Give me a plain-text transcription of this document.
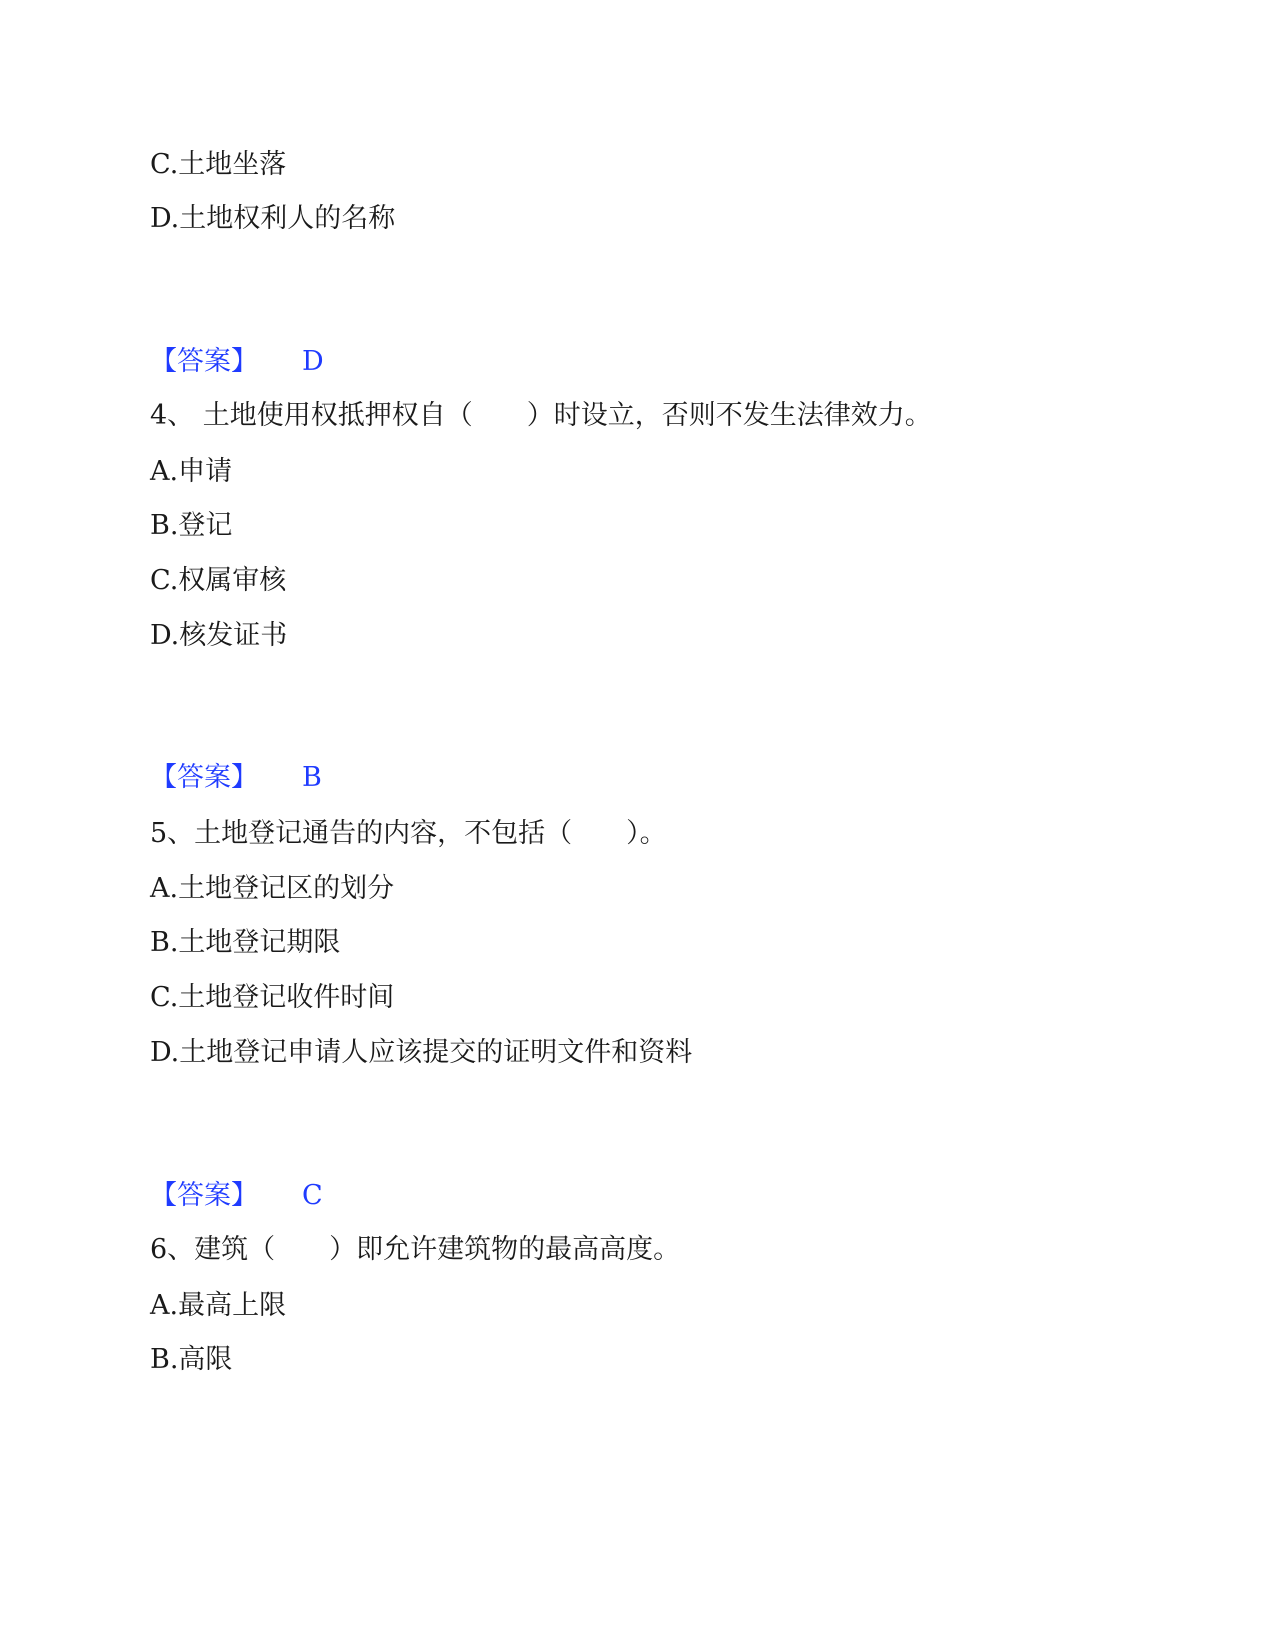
C.土地坐落
D.土地权利人的名称
【答案】 D
4、 土地使用权抵押权自（　　）时设立，否则不发生法律效力。
A.申请
B.登记
C.权属审核
D.核发证书
【答案】 B
5、土地登记通告的内容，不包括（　　）。
A.土地登记区的划分
B.土地登记期限
C.土地登记收件时间
D.土地登记申请人应该提交的证明文件和资料
【答案】 C
6、建筑（　　）即允许建筑物的最高高度。
A.最高上限
B.高限
